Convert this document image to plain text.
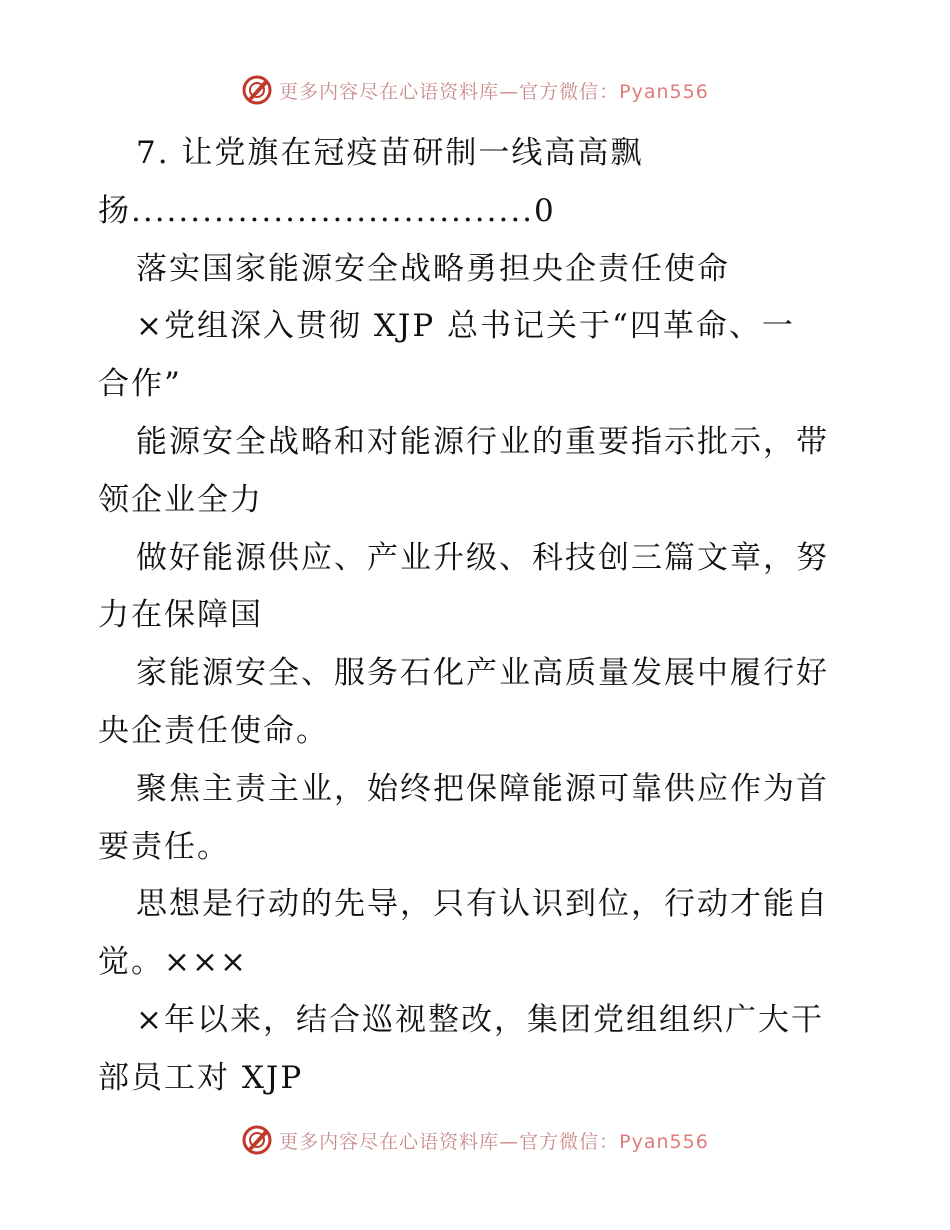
更多内容尽在心语资料库—官方微信：Pyan556
7. 让党旗在冠疫苗研制一线高高飘
扬..................................0
落实国家能源安全战略勇担央企责任使命
×党组深入贯彻 XJP 总书记关于“四革命、一
合作”
能源安全战略和对能源行业的重要指示批示，带
领企业全力
做好能源供应、产业升级、科技创三篇文章，努
力在保障国
家能源安全、服务石化产业高质量发展中履行好
央企责任使命。
聚焦主责主业，始终把保障能源可靠供应作为首
要责任。
思想是行动的先导，只有认识到位，行动才能自
觉。×××
×年以来，结合巡视整改，集团党组组织广大干
部员工对 XJP
更多内容尽在心语资料库—官方微信：Pyan556
